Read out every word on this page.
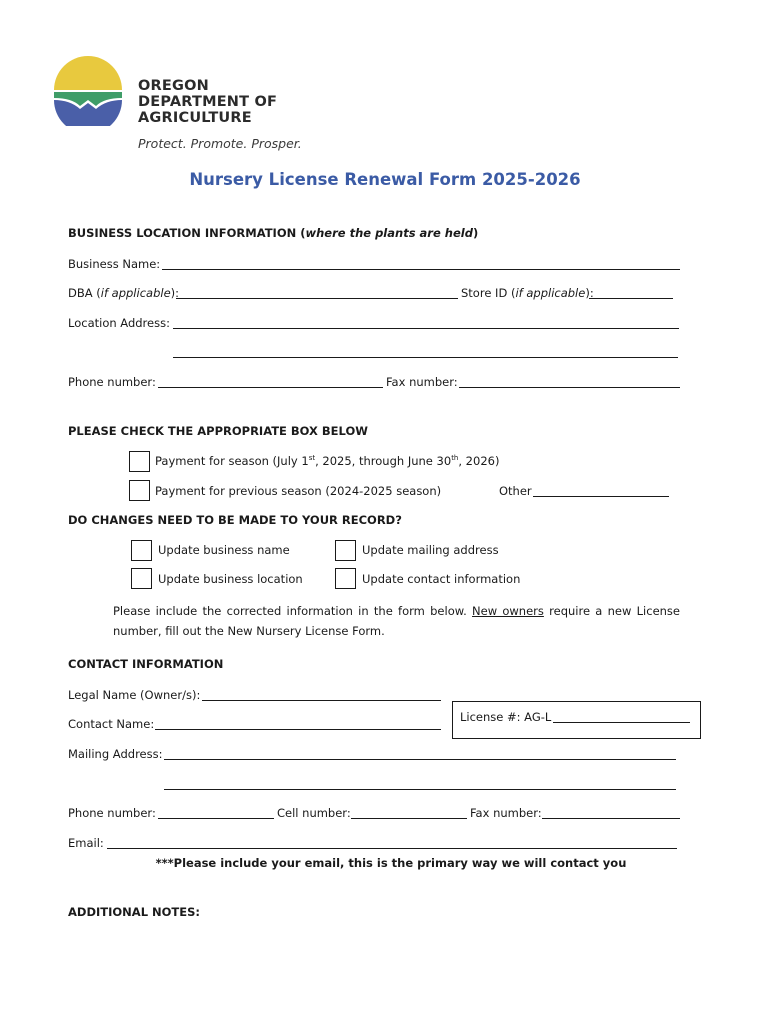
OREGON
DEPARTMENT OF
AGRICULTURE
Protect. Promote. Prosper.
Nursery License Renewal Form 2025-2026
BUSINESS LOCATION INFORMATION (where the plants are held)
Business Name:
DBA (if applicable):	Store ID (if applicable):
Location Address:
Phone number:	Fax number:
PLEASE CHECK THE APPROPRIATE BOX BELOW
Payment for season (July 1st, 2025, through June 30th, 2026)
Payment for previous season (2024-2025 season)	Other
DO CHANGES NEED TO BE MADE TO YOUR RECORD?
Update business name	Update mailing address
Update business location	Update contact information
Please include the corrected information in the form below. New owners require a new License number, fill out the New Nursery License Form.
CONTACT INFORMATION
Legal Name (Owner/s):
License #: AG-L
Contact Name:
Mailing Address:
Phone number:	Cell number:	Fax number:
Email:
***Please include your email, this is the primary way we will contact you
ADDITIONAL NOTES:
